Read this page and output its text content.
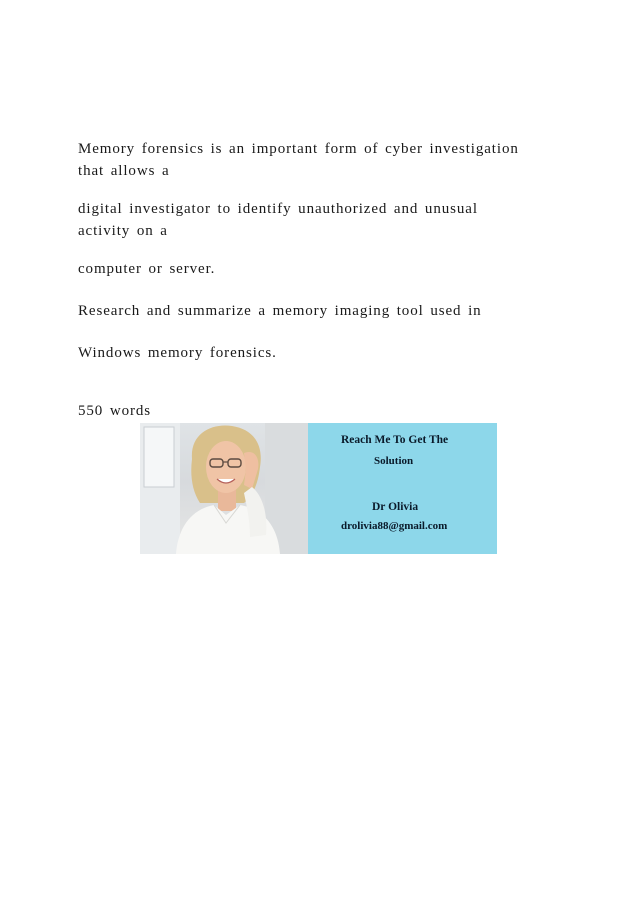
Memory forensics is an important form of cyber investigation
that allows a
digital investigator to identify unauthorized and unusual
activity on a
computer or server.
Research and summarize a memory imaging tool used in
Windows memory forensics.
550 words
Reach Me To Get The
Solution
Dr Olivia
drolivia88@gmail.com
